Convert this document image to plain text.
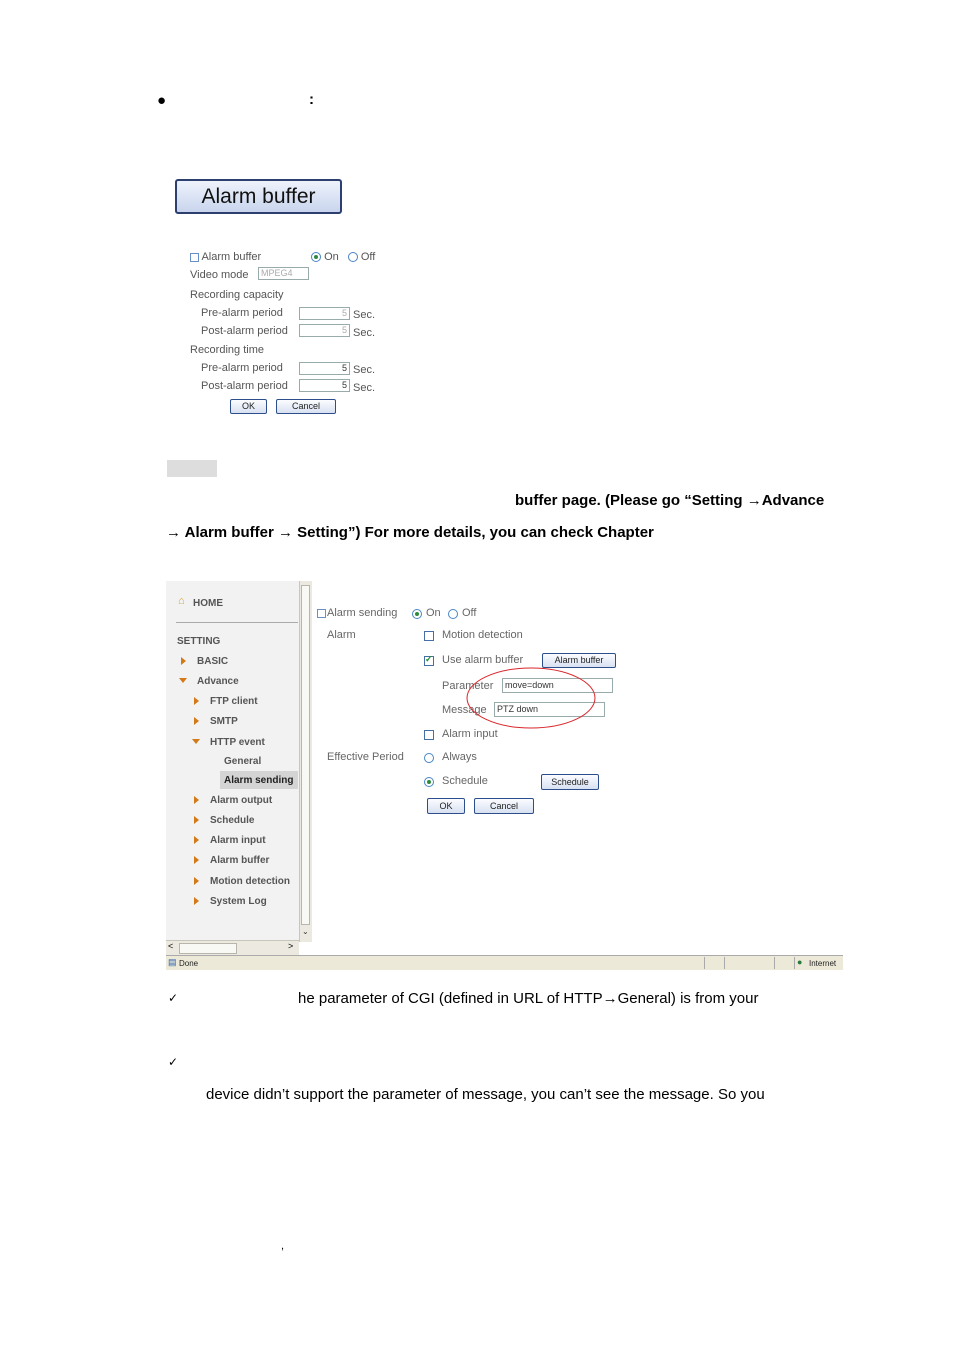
●	:
Alarm buffer
Alarm buffer	On Off
Video mode	MPEG4
Recording capacity
Pre-alarm period	5 Sec.
Post-alarm period	5 Sec.
Recording time
Pre-alarm period	5 Sec.
Post-alarm period	5 Sec.
OK	Cancel
buffer page. (Please go “Setting →Advance
→ Alarm buffer → Setting”) For more details, you can check Chapter
⌂ HOME
SETTING
BASIC
Advance
FTP client
SMTP
HTTP event
General
Alarm sending
Alarm output
Schedule
Alarm input
Alarm buffer
Motion detection
System Log
⌄
<	>
▤ Done	● Internet
Alarm sending	On Off
Alarm	Motion detection
✓
Use alarm buffer	Alarm buffer
Parameter	move=down
Message	PTZ down
Alarm input
Effective Period	Always
Schedule	Schedule
OK	Cancel
✓	he parameter of CGI (defined in URL of HTTP→General) is from your
✓
device didn’t support the parameter of message, you can’t see the message. So you
,
